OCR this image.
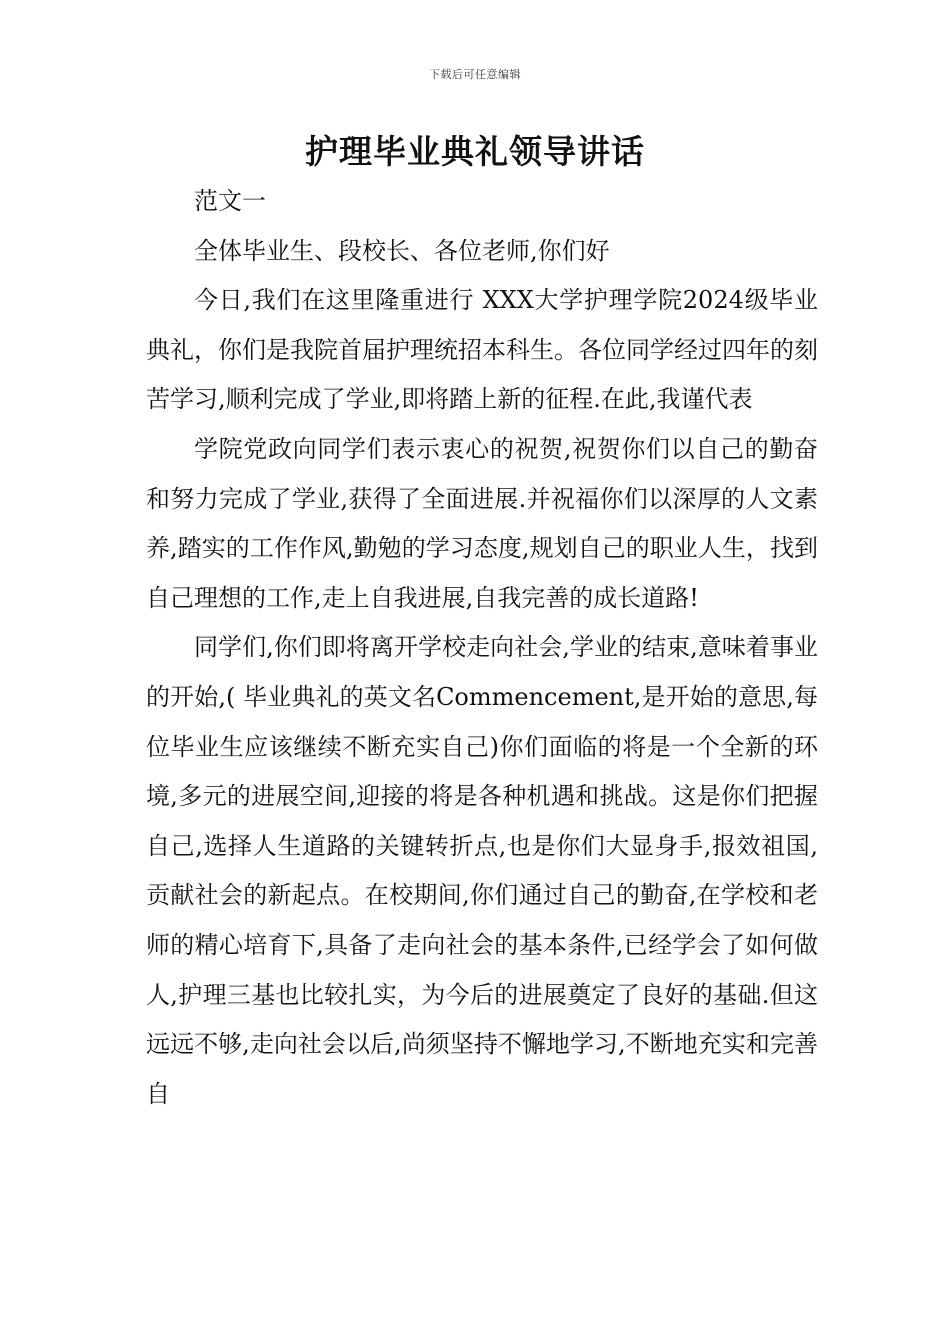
下载后可任意编辑
护理毕业典礼领导讲话

范文一

全体毕业生、段校长、各位老师,你们好

今日,我们在这里隆重进行 XXX大学护理学院2024级毕业典礼，你们是我院首届护理统招本科生。各位同学经过四年的刻苦学习,顺利完成了学业,即将踏上新的征程.在此,我谨代表

学院党政向同学们表示衷心的祝贺,祝贺你们以自己的勤奋和努力完成了学业,获得了全面进展.并祝福你们以深厚的人文素养,踏实的工作作风,勤勉的学习态度,规划自己的职业人生，找到自己理想的工作,走上自我进展,自我完善的成长道路!

同学们,你们即将离开学校走向社会,学业的结束,意味着事业的开始,( 毕业典礼的英文名Commencement,是开始的意思,每位毕业生应该继续不断充实自己)你们面临的将是一个全新的环境,多元的进展空间,迎接的将是各种机遇和挑战。这是你们把握自己,选择人生道路的关键转折点,也是你们大显身手,报效祖国,贡献社会的新起点。在校期间,你们通过自己的勤奋,在学校和老师的精心培育下,具备了走向社会的基本条件,已经学会了如何做人,护理三基也比较扎实，为今后的进展奠定了良好的基础.但这远远不够,走向社会以后,尚须坚持不懈地学习,不断地充实和完善自
